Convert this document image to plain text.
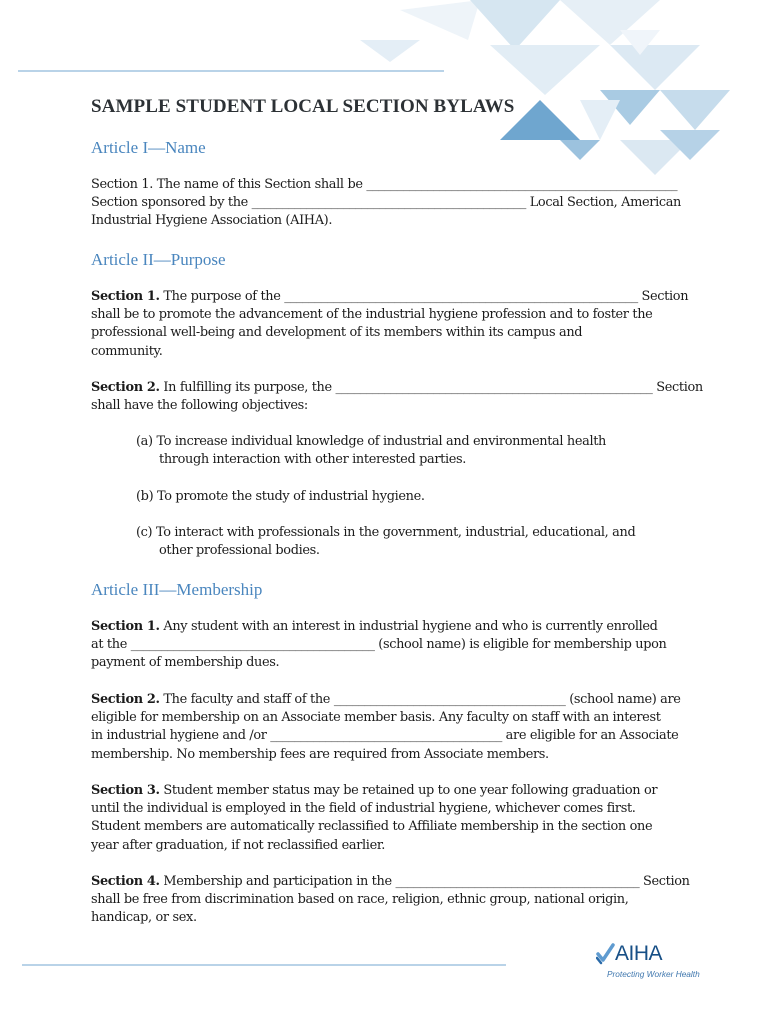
SAMPLE STUDENT LOCAL SECTION BYLAWS
Article I—Name

Section 1. The name of this Section shall be ___________________________________________________
Section sponsored by the _____________________________________________ Local Section, American
Industrial Hygiene Association (AIHA).

Article II—Purpose

Section 1. The purpose of the __________________________________________________________ Section
shall be to promote the advancement of the industrial hygiene profession and to foster the
professional well-being and development of its members within its campus and
community.

Section 2. In fulfilling its purpose, the ____________________________________________________ Section
shall have the following objectives:

(a) To increase individual knowledge of industrial and environmental health
through interaction with other interested parties.

(b) To promote the study of industrial hygiene.

(c) To interact with professionals in the government, industrial, educational, and
other professional bodies.

Article III—Membership

Section 1. Any student with an interest in industrial hygiene and who is currently enrolled
at the ________________________________________ (school name) is eligible for membership upon
payment of membership dues.

Section 2. The faculty and staff of the ______________________________________ (school name) are
eligible for membership on an Associate member basis. Any faculty on staff with an interest
in industrial hygiene and /or ______________________________________ are eligible for an Associate
membership. No membership fees are required from Associate members.

Section 3. Student member status may be retained up to one year following graduation or
until the individual is employed in the field of industrial hygiene, whichever comes first.
Student members are automatically reclassified to Affiliate membership in the section one
year after graduation, if not reclassified earlier.

Section 4. Membership and participation in the ________________________________________ Section
shall be free from discrimination based on race, religion, ethnic group, national origin,
handicap, or sex.

AIHA
Protecting Worker Health
